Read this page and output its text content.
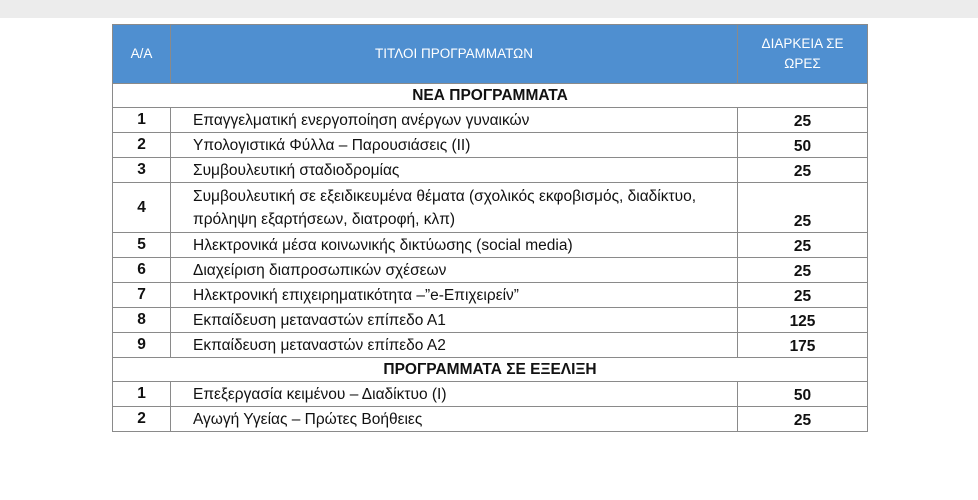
Α/Α	ΤΙΤΛΟΙ ΠΡΟΓΡΑΜΜΑΤΩΝ	ΔΙΑΡΚΕΙΑ ΣΕ ΩΡΕΣ
ΝΕΑ ΠΡΟΓΡΑΜΜΑΤΑ		
1	Επαγγελματική ενεργοποίηση ανέργων γυναικών	25
2	Υπολογιστικά Φύλλα – Παρουσιάσεις (ΙΙ)	50
3	Συμβουλευτική σταδιοδρομίας	25
4	Συμβουλευτική σε εξειδικευμένα θέματα (σχολικός εκφοβισμός, διαδίκτυο, πρόληψη εξαρτήσεων, διατροφή, κλπ)	25
5	Ηλεκτρονικά μέσα κοινωνικής δικτύωσης (social media)	25
6	Διαχείριση διαπροσωπικών σχέσεων	25
7	Ηλεκτρονική επιχειρηματικότητα –”e-Επιχειρείν”	25
8	Εκπαίδευση μεταναστών επίπεδο Α1	125
9	Εκπαίδευση μεταναστών επίπεδο Α2	175
ΠΡΟΓΡΑΜΜΑΤΑ ΣΕ ΕΞΕΛΙΞΗ		
1	Επεξεργασία κειμένου – Διαδίκτυο (Ι)	50
2	Αγωγή Υγείας – Πρώτες Βοήθειες	25
